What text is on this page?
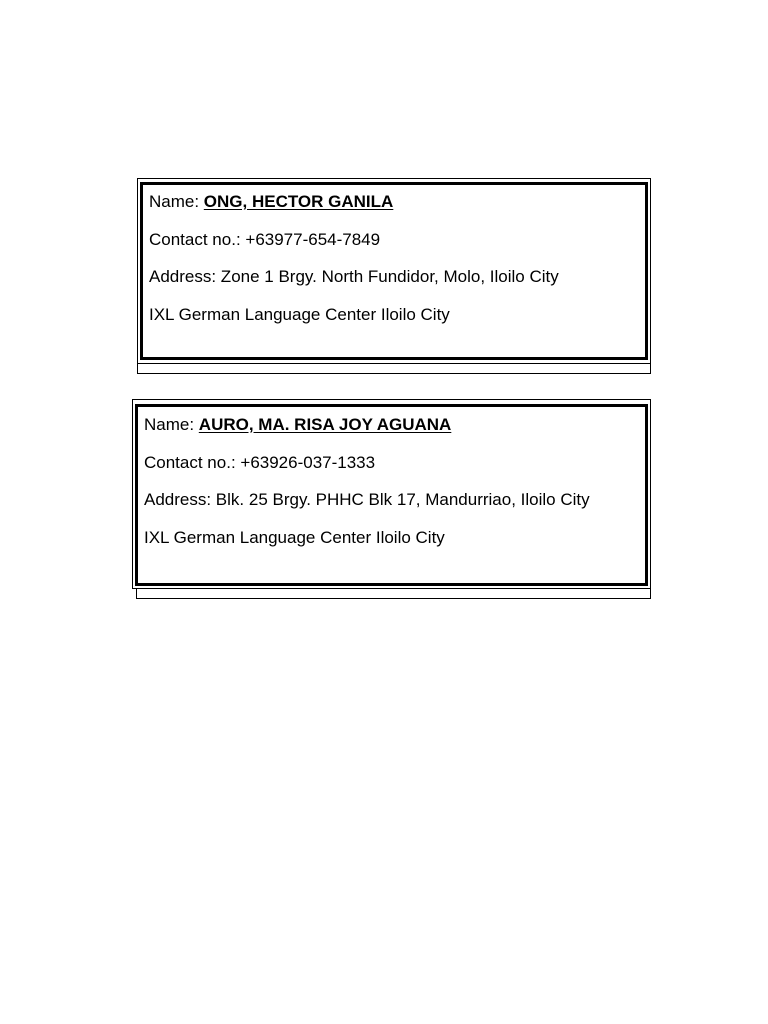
Name: ONG, HECTOR GANILA
Contact no.: +63977-654-7849
Address: Zone 1 Brgy. North Fundidor, Molo, Iloilo City
IXL German Language Center Iloilo City
Name: AURO, MA. RISA JOY AGUANA
Contact no.: +63926-037-1333
Address: Blk. 25 Brgy. PHHC Blk 17, Mandurriao, Iloilo City
IXL German Language Center Iloilo City
